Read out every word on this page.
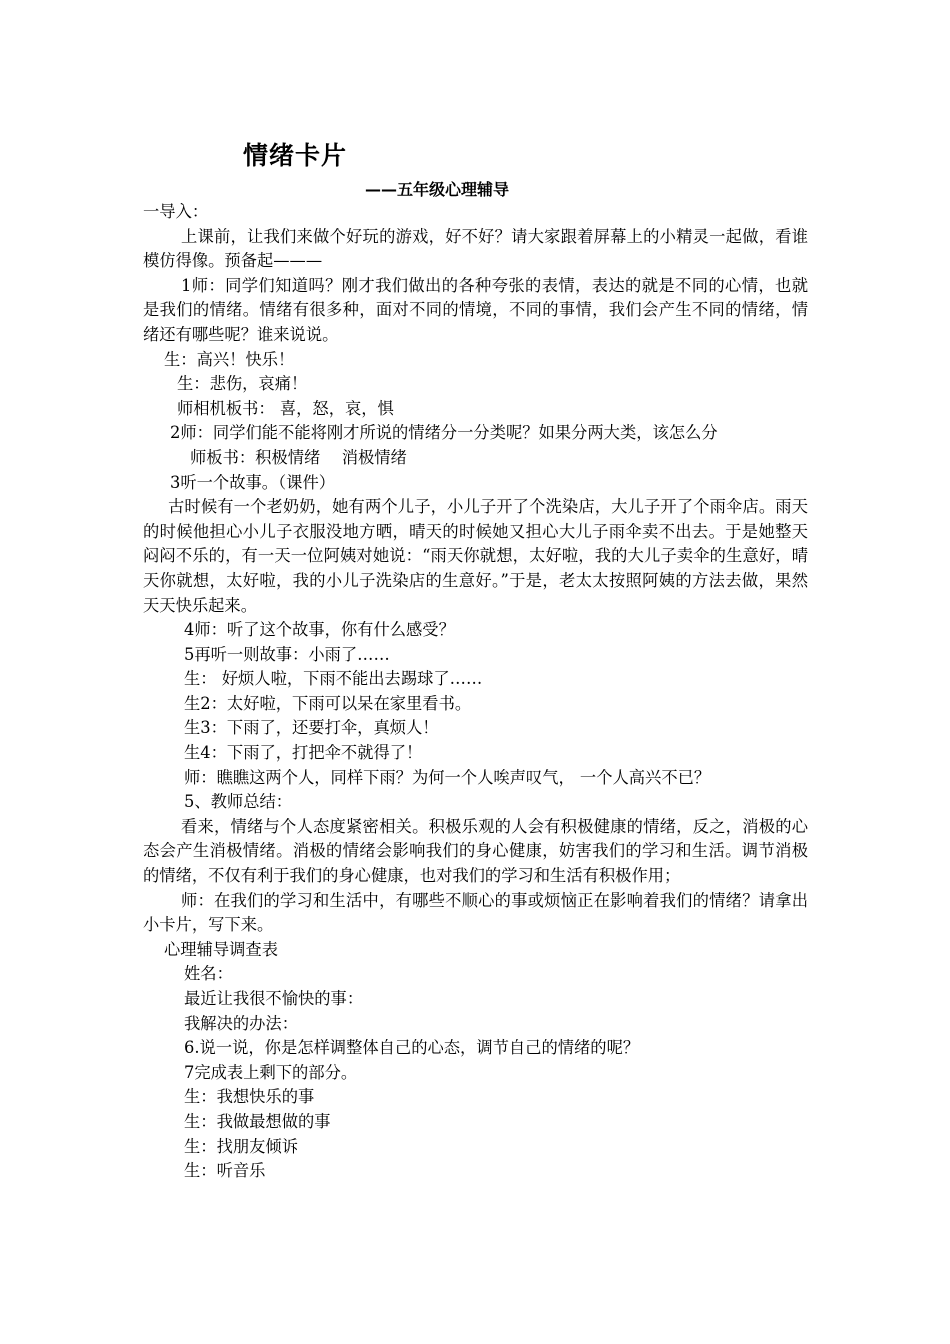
情绪卡片
——五年级心理辅导

一导入：

上课前，让我们来做个好玩的游戏，好不好？请大家跟着屏幕上的小精灵一起做，看谁模仿得像。预备起———

1师：同学们知道吗？刚才我们做出的各种夸张的表情，表达的就是不同的心情，也就是我们的情绪。情绪有很多种，面对不同的情境，不同的事情，我们会产生不同的情绪，情绪还有哪些呢？谁来说说。

生：高兴！快乐！

生：悲伤，哀痛！

师相机板书： 喜，怒，哀，惧

2师：同学们能不能将刚才所说的情绪分一分类呢？如果分两大类，该怎么分

师板书：积极情绪　 消极情绪

3听一个故事。（课件）

古时候有一个老奶奶，她有两个儿子，小儿子开了个洗染店，大儿子开了个雨伞店。雨天的时候他担心小儿子衣服没地方晒，晴天的时候她又担心大儿子雨伞卖不出去。于是她整天闷闷不乐的，有一天一位阿姨对她说：“雨天你就想，太好啦，我的大儿子卖伞的生意好，晴天你就想，太好啦，我的小儿子洗染店的生意好。”于是，老太太按照阿姨的方法去做，果然天天快乐起来。

4师：听了这个故事，你有什么感受？

5再听一则故事：小雨了……

生： 好烦人啦，下雨不能出去踢球了……

生2：太好啦，下雨可以呆在家里看书。

生3：下雨了，还要打伞，真烦人！

生4：下雨了，打把伞不就得了！

师：瞧瞧这两个人，同样下雨？为何一个人唉声叹气， 一个人高兴不已？

5、教师总结：

看来，情绪与个人态度紧密相关。积极乐观的人会有积极健康的情绪，反之，消极的心态会产生消极情绪。消极的情绪会影响我们的身心健康，妨害我们的学习和生活。调节消极的情绪，不仅有利于我们的身心健康，也对我们的学习和生活有积极作用；

师：在我们的学习和生活中，有哪些不顺心的事或烦恼正在影响着我们的情绪？请拿出小卡片，写下来。

心理辅导调查表

姓名：

最近让我很不愉快的事：

我解决的办法：

6.说一说，你是怎样调整体自己的心态，调节自己的情绪的呢？

7完成表上剩下的部分。

生：我想快乐的事

生：我做最想做的事

生：找朋友倾诉

生：听音乐
